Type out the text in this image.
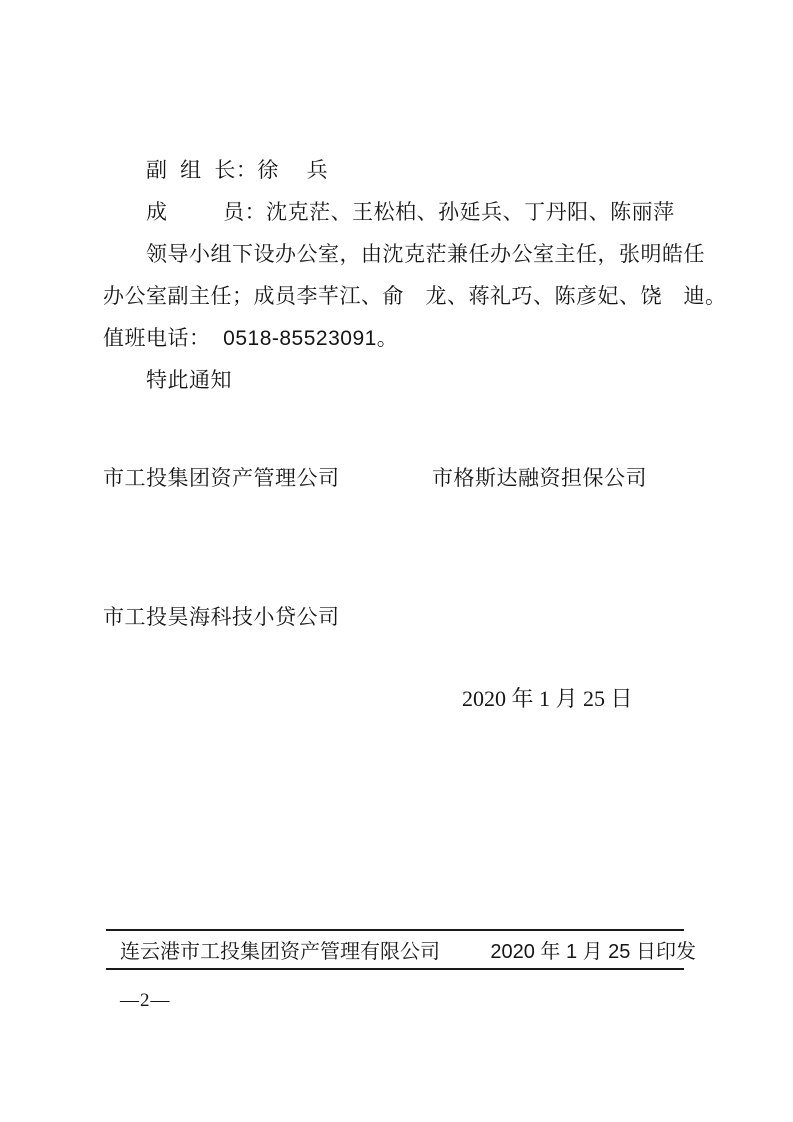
　　副  组  长：徐　 兵
　　成　　  员：沈克茫、王松柏、孙延兵、丁丹阳、陈丽萍
　　领导小组下设办公室，由沈克茫兼任办公室主任，张明皓任
办公室副主任；成员李芊江、俞　龙、蒋礼巧、陈彦妃、饶　迪。
值班电话：  0518-85523091。
　　特此通知
市工投集团资产管理公司	市格斯达融资担保公司
市工投昊海科技小贷公司
2020 年 1 月 25 日
连云港市工投集团资产管理有限公司	2020 年 1 月 25 日印发
—2—
